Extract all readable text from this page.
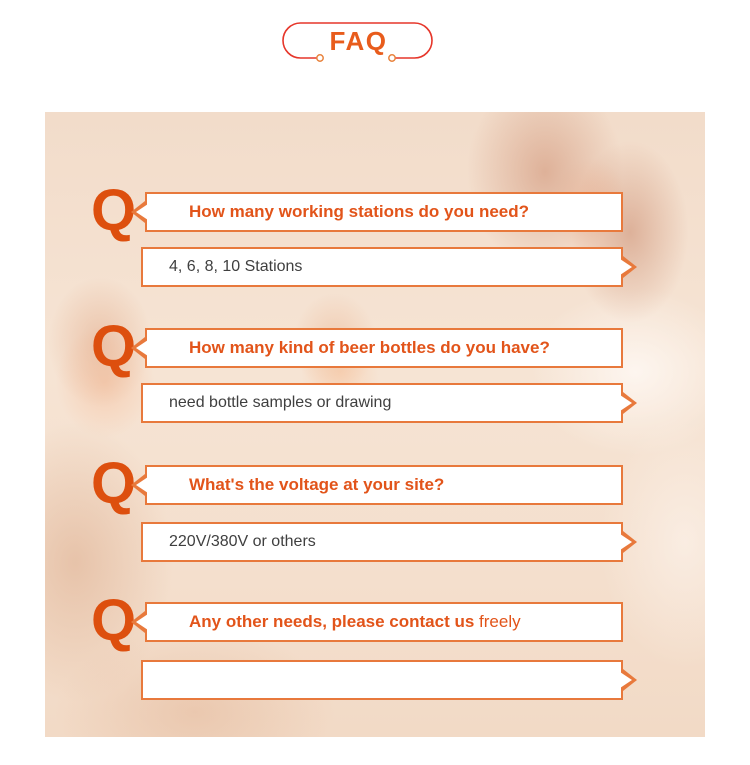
FAQ
Q	How many working stations do you need?
4, 6, 8, 10 Stations
Q	How many kind of beer bottles do you have?
need bottle samples or drawing
Q	What's the voltage at your site?
220V/380V or others
Q	Any other needs, please contact us freely
